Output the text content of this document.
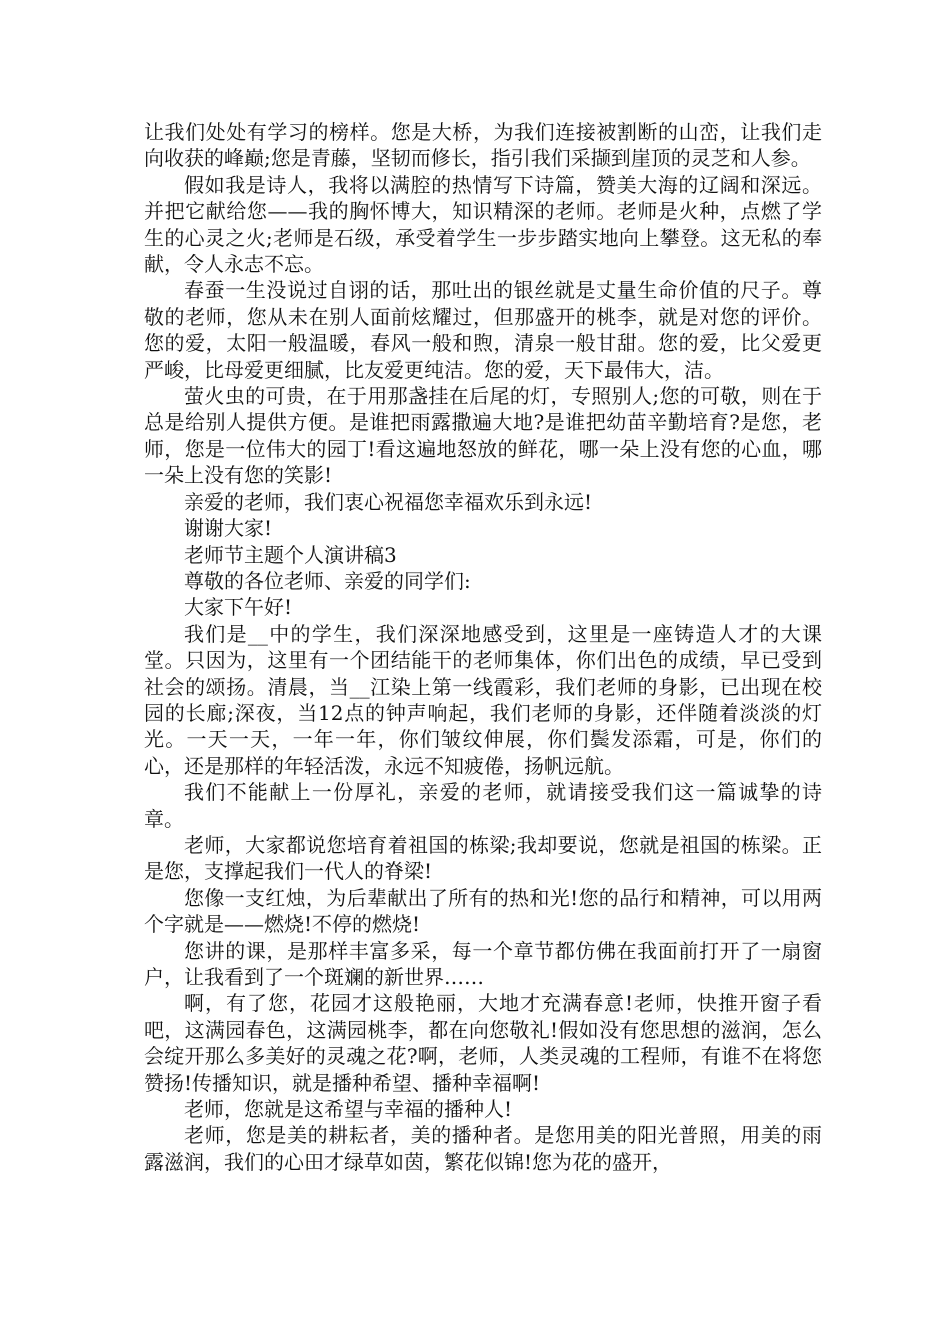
让我们处处有学习的榜样。您是大桥，为我们连接被割断的山峦，让我们走向收获的峰巅;您是青藤，坚韧而修长，指引我们采撷到崖顶的灵芝和人参。

假如我是诗人，我将以满腔的热情写下诗篇，赞美大海的辽阔和深远。并把它献给您——我的胸怀博大，知识精深的老师。老师是火种，点燃了学生的心灵之火;老师是石级，承受着学生一步步踏实地向上攀登。这无私的奉献，令人永志不忘。

春蚕一生没说过自诩的话，那吐出的银丝就是丈量生命价值的尺子。尊敬的老师，您从未在别人面前炫耀过，但那盛开的桃李，就是对您的评价。您的爱，太阳一般温暖，春风一般和煦，清泉一般甘甜。您的爱，比父爱更严峻，比母爱更细腻，比友爱更纯洁。您的爱，天下最伟大，洁。

萤火虫的可贵，在于用那盏挂在后尾的灯，专照别人;您的可敬，则在于总是给别人提供方便。是谁把雨露撒遍大地?是谁把幼苗辛勤培育?是您，老师，您是一位伟大的园丁!看这遍地怒放的鲜花，哪一朵上没有您的心血，哪一朵上没有您的笑影!

亲爱的老师，我们衷心祝福您幸福欢乐到永远!

谢谢大家!

老师节主题个人演讲稿3

尊敬的各位老师、亲爱的同学们:

大家下午好!

我们是__中的学生，我们深深地感受到，这里是一座铸造人才的大课堂。只因为，这里有一个团结能干的老师集体，你们出色的成绩，早已受到社会的颂扬。清晨，当__江染上第一线霞彩，我们老师的身影，已出现在校园的长廊;深夜，当12点的钟声响起，我们老师的身影，还伴随着淡淡的灯光。一天一天，一年一年，你们皱纹伸展，你们鬓发添霜，可是，你们的心，还是那样的年轻活泼，永远不知疲倦，扬帆远航。

我们不能献上一份厚礼，亲爱的老师，就请接受我们这一篇诚挚的诗章。

老师，大家都说您培育着祖国的栋梁;我却要说，您就是祖国的栋梁。正是您，支撑起我们一代人的脊梁!

您像一支红烛，为后辈献出了所有的热和光!您的品行和精神，可以用两个字就是——燃烧!不停的燃烧!

您讲的课，是那样丰富多采，每一个章节都仿佛在我面前打开了一扇窗户，让我看到了一个斑斓的新世界……

啊，有了您，花园才这般艳丽，大地才充满春意!老师，快推开窗子看吧，这满园春色，这满园桃李，都在向您敬礼!假如没有您思想的滋润，怎么会绽开那么多美好的灵魂之花?啊，老师，人类灵魂的工程师，有谁不在将您赞扬!传播知识，就是播种希望、播种幸福啊!

老师，您就是这希望与幸福的播种人!

老师，您是美的耕耘者，美的播种者。是您用美的阳光普照，用美的雨露滋润，我们的心田才绿草如茵，繁花似锦!您为花的盛开，
